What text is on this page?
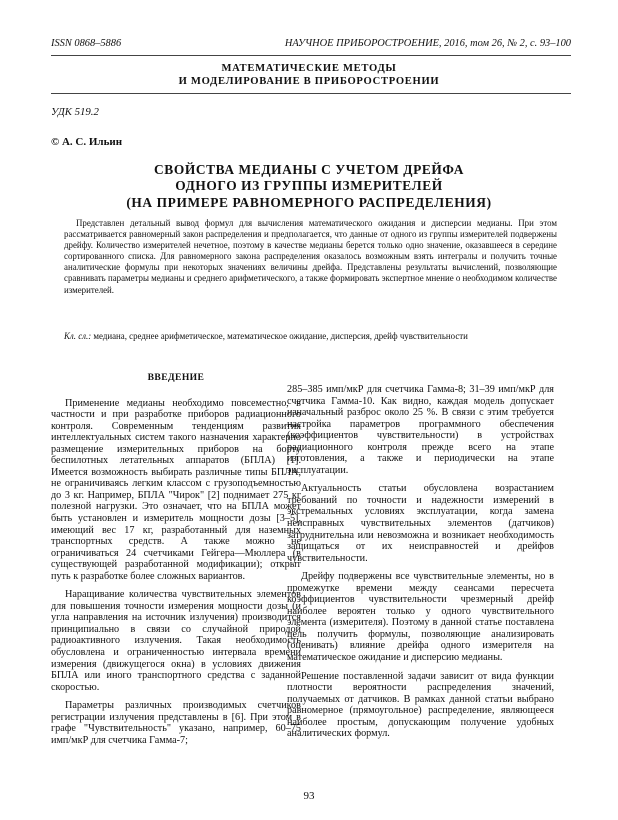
ISSN 0868–5886	НАУЧНОЕ ПРИБОРОСТРОЕНИЕ, 2016, том 26, № 2, с. 93–100
МАТЕМАТИЧЕСКИЕ МЕТОДЫ
И МОДЕЛИРОВАНИЕ В ПРИБОРОСТРОЕНИИ
УДК 519.2
© А. С. Ильин
СВОЙСТВА МЕДИАНЫ С УЧЕТОМ ДРЕЙФА
ОДНОГО ИЗ ГРУППЫ ИЗМЕРИТЕЛЕЙ
(НА ПРИМЕРЕ РАВНОМЕРНОГО РАСПРЕДЕЛЕНИЯ)

Представлен детальный вывод формул для вычисления математического ожидания и дисперсии медианы. При этом рассматривается равномерный закон распределения и предполагается, что данные от одного из группы измерителей подвержены дрейфу. Количество измерителей нечетное, поэтому в качестве медианы берется только одно значение, оказавшееся в середине сортированного списка. Для равномерного закона распределения оказалось возможным взять интегралы и получить точные аналитические формулы при некоторых значениях величины дрейфа. Представлены результаты вычислений, позволяющие сравнивать параметры медианы и среднего арифметического, а также формировать экспертное мнение о необходимом количестве измерителей.

Кл. сл.: медиана, среднее арифметическое, математическое ожидание, дисперсия, дрейф чувствительности
ВВЕДЕНИЕ

Применение медианы необходимо повсеместно, в частности и при разработке приборов радиационного контроля. Современным тенденциям развития интеллектуальных систем такого назначения характерно размещение измерительных приборов на борту беспилотных летательных аппаратов (БПЛА) [1]. Имеется возможность выбирать различные типы БПЛА, не ограничиваясь легким классом с грузоподъемностью до 3 кг. Например, БПЛА "Чирок" [2] поднимает 275 кг полезной нагрузки. Это означает, что на БПЛА может быть установлен и измеритель мощности дозы [3–5], имеющий вес 17 кг, разработанный для наземных транспортных средств. А также можно не ограничиваться 24 счетчиками Гейгера—Мюллера (в существующей разработанной модификации); открыт путь к разработке более сложных вариантов.

Наращивание количества чувствительных элементов для повышения точности измерения мощности дозы (и угла направления на источник излучения) производится принципиально в связи со случайной природой радиоактивного излучения. Такая необходимость обусловлена и ограниченностью интервала времени измерения (движущегося окна) в условиях движения БПЛА или иного транспортного средства с заданной скоростью.

Параметры различных производимых счетчиков регистрации излучения представлены в [6]. При этом в графе "Чувствительность" указано, например, 60–75 имп/мкР для счетчика Гамма-7;

285–385 имп/мкР для счетчика Гамма-8; 31–39 имп/мкР для счетчика Гамма-10. Как видно, каждая модель допускает изначальный разброс около 25 %. В связи с этим требуется настройка параметров программного обеспечения (коэффициентов чувствительности) в устройствах радиационного контроля прежде всего на этапе изготовления, а также и периодически на этапе эксплуатации.

Актуальность статьи обусловлена возрастанием требований по точности и надежности измерений в экстремальных условиях эксплуатации, когда замена неисправных чувствительных элементов (датчиков) затруднительна или невозможна и возникает необходимость защищаться от их неисправностей и дрейфов чувствительности.

Дрейфу подвержены все чувствительные элементы, но в промежутке времени между сеансами пересчета коэффициентов чувствительности чрезмерный дрейф наиболее вероятен только у одного чувствительного элемента (измерителя). Поэтому в данной статье поставлена цель получить формулы, позволяющие анализировать (оценивать) влияние дрейфа одного измерителя на математическое ожидание и дисперсию медианы.

Решение поставленной задачи зависит от вида функции плотности вероятности распределения значений, получаемых от датчиков. В рамках данной статьи выбрано равномерное (прямоугольное) распределение, являющееся наиболее простым, допускающим получение удобных аналитических формул.

93
